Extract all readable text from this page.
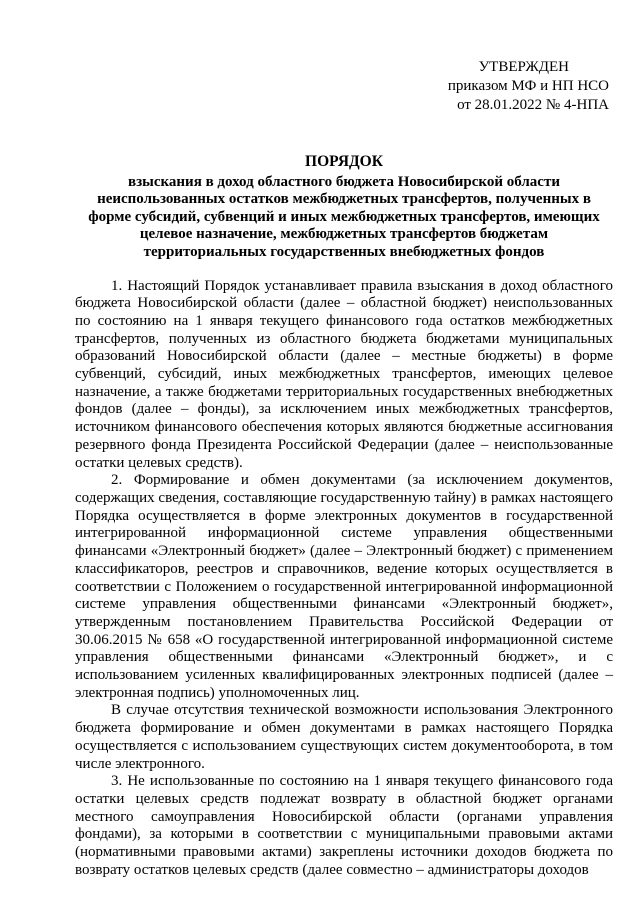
УТВЕРЖДЕН
приказом МФ и НП НСО
от 28.01.2022 № 4-НПА
ПОРЯДОК
взыскания в доход областного бюджета Новосибирской области неиспользованных остатков межбюджетных трансфертов, полученных в форме субсидий, субвенций и иных межбюджетных трансфертов, имеющих целевое назначение, межбюджетных трансфертов бюджетам территориальных государственных внебюджетных фондов

1. Настоящий Порядок устанавливает правила взыскания в доход областного бюджета Новосибирской области (далее – областной бюджет) неиспользованных по состоянию на 1 января текущего финансового года остатков межбюджетных трансфертов, полученных из областного бюджета бюджетами муниципальных образований Новосибирской области (далее – местные бюджеты) в форме субвенций, субсидий, иных межбюджетных трансфертов, имеющих целевое назначение, а также бюджетами территориальных государственных внебюджетных фондов (далее – фонды), за исключением иных межбюджетных трансфертов, источником финансового обеспечения которых являются бюджетные ассигнования резервного фонда Президента Российской Федерации (далее – неиспользованные остатки целевых средств).

2. Формирование и обмен документами (за исключением документов, содержащих сведения, составляющие государственную тайну) в рамках настоящего Порядка осуществляется в форме электронных документов в государственной интегрированной информационной системе управления общественными финансами «Электронный бюджет» (далее – Электронный бюджет) с применением классификаторов, реестров и справочников, ведение которых осуществляется в соответствии с Положением о государственной интегрированной информационной системе управления общественными финансами «Электронный бюджет», утвержденным постановлением Правительства Российской Федерации от 30.06.2015 № 658 «О государственной интегрированной информационной системе управления общественными финансами «Электронный бюджет», и с использованием усиленных квалифицированных электронных подписей (далее – электронная подпись) уполномоченных лиц.

В случае отсутствия технической возможности использования Электронного бюджета формирование и обмен документами в рамках настоящего Порядка осуществляется с использованием существующих систем документооборота, в том числе электронного.

3. Не использованные по состоянию на 1 января текущего финансового года остатки целевых средств подлежат возврату в областной бюджет органами местного самоуправления Новосибирской области (органами управления фондами), за которыми в соответствии с муниципальными правовыми актами (нормативными правовыми актами) закреплены источники доходов бюджета по возврату остатков целевых средств (далее совместно – администраторы доходов
